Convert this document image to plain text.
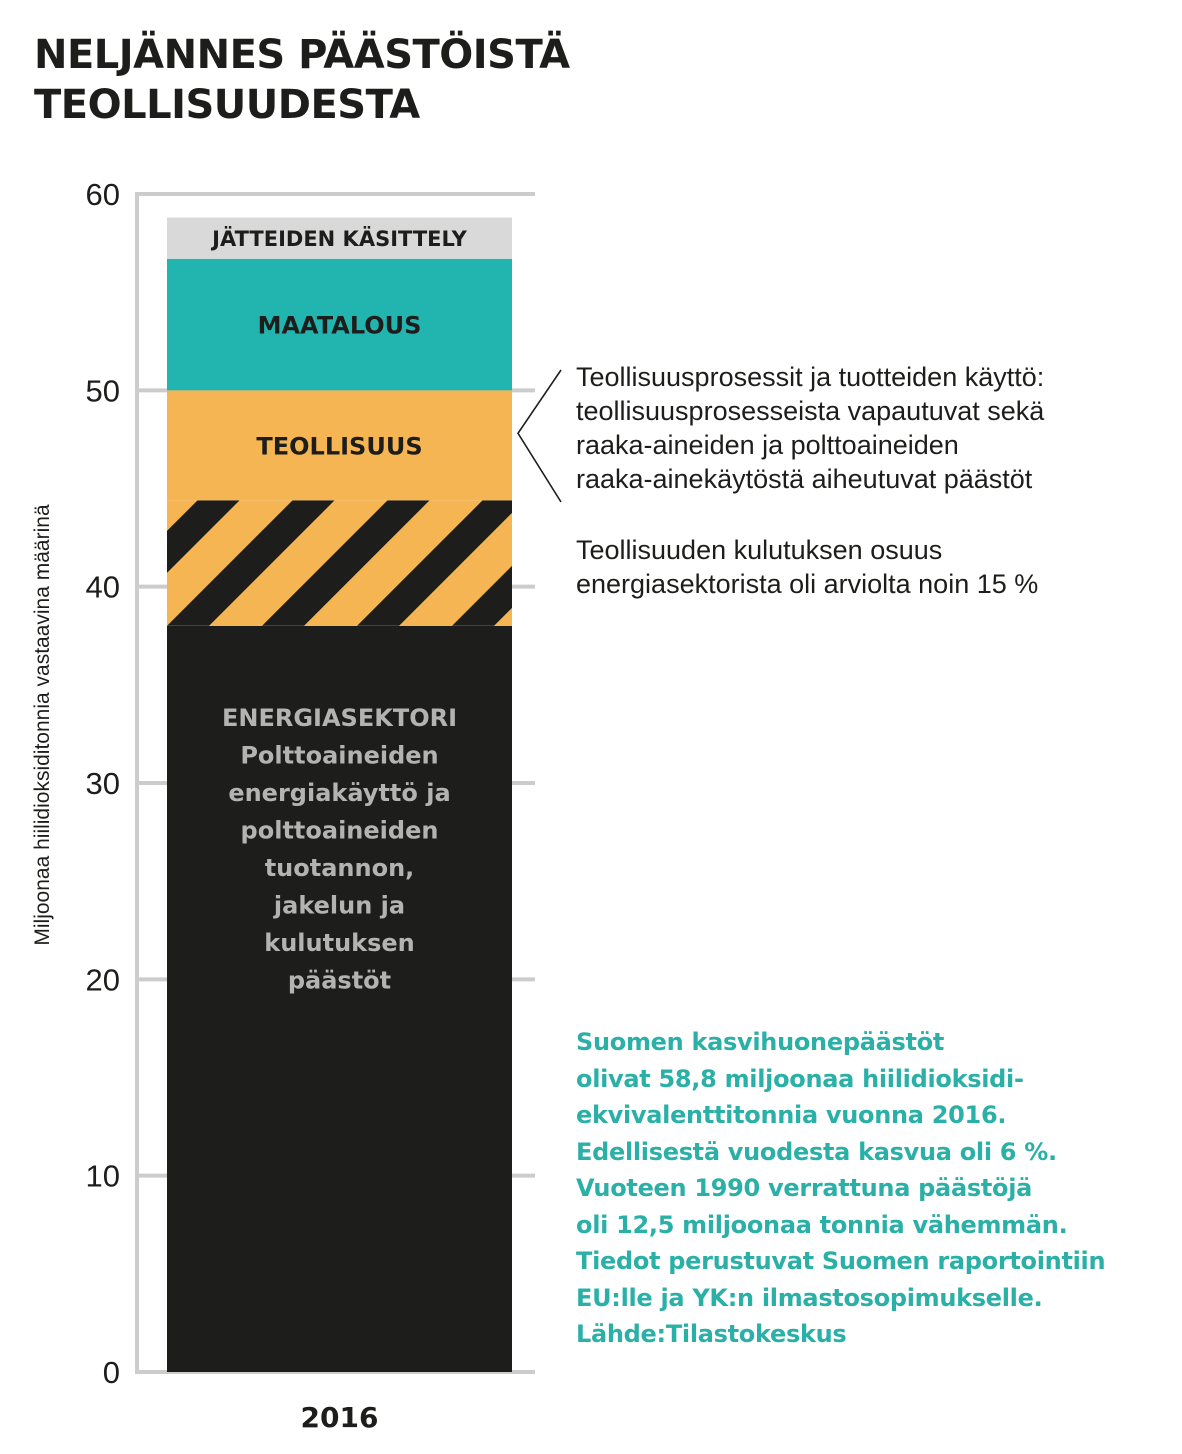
NELJÄNNES PÄÄSTÖISTÄ
TEOLLISUUDESTA
Miljoonaa hiilidioksiditonnia vastaavina määrinä
0
10
20
30
40
50
60
JÄTTEIDEN KÄSITTELY
MAATALOUS
TEOLLISUUS
ENERGIASEKTORI
Polttoaineiden
energiakäyttö ja
polttoaineiden
tuotannon,
jakelun ja
kulutuksen
päästöt
2016

Teollisuusprosessit ja tuotteiden käyttö:
teollisuusprosesseista vapautuvat sekä
raaka-aineiden ja polttoaineiden
raaka-ainekäytöstä aiheutuvat päästöt

Teollisuuden kulutuksen osuus
energiasektorista oli arviolta noin 15 %

Suomen kasvihuonepäästöt
olivat 58,8 miljoonaa hiilidioksidi-
ekvivalenttitonnia vuonna 2016.
Edellisestä vuodesta kasvua oli 6 %.
Vuoteen 1990 verrattuna päästöjä
oli 12,5 miljoonaa tonnia vähemmän.
Tiedot perustuvat Suomen raportointiin
EU:lle ja YK:n ilmastosopimukselle.

Lähde:Tilastokeskus
